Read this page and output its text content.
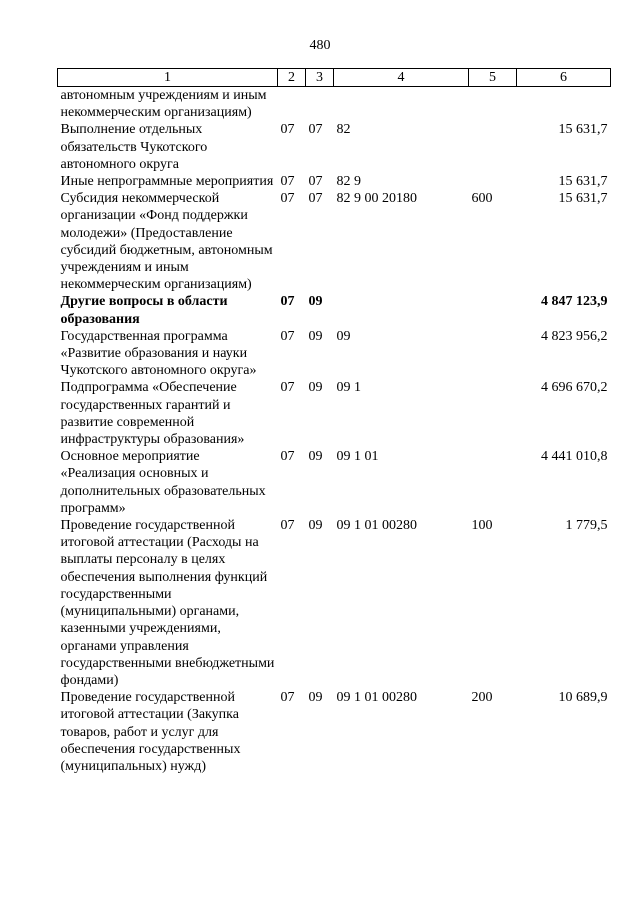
480
1	2	3	4	5	6
автономным учреждениям и иным некоммерческим организациям)					
Выполнение отдельных обязательств Чукотского автономного округа	07	07	82		15 631,7
Иные непрограммные мероприятия	07	07	82 9		15 631,7
Субсидия некоммерческой организации «Фонд поддержки молодежи» (Предоставление субсидий бюджетным, автономным учреждениям и иным некоммерческим организациям)	07	07	82 9 00 20180	600	15 631,7
Другие вопросы в области образования	07	09			4 847 123,9
Государственная программа «Развитие образования и науки Чукотского автономного округа»	07	09	09		4 823 956,2
Подпрограмма «Обеспечение государственных гарантий и развитие современной инфраструктуры образования»	07	09	09 1		4 696 670,2
Основное мероприятие «Реализация основных и дополнительных образовательных программ»	07	09	09 1 01		4 441 010,8
Проведение государственной итоговой аттестации (Расходы на выплаты персоналу в целях обеспечения выполнения функций государственными (муниципальными) органами, казенными учреждениями, органами управления государственными внебюджетными фондами)	07	09	09 1 01 00280	100	1 779,5
Проведение государственной итоговой аттестации (Закупка товаров, работ и услуг для обеспечения государственных (муниципальных) нужд)	07	09	09 1 01 00280	200	10 689,9
